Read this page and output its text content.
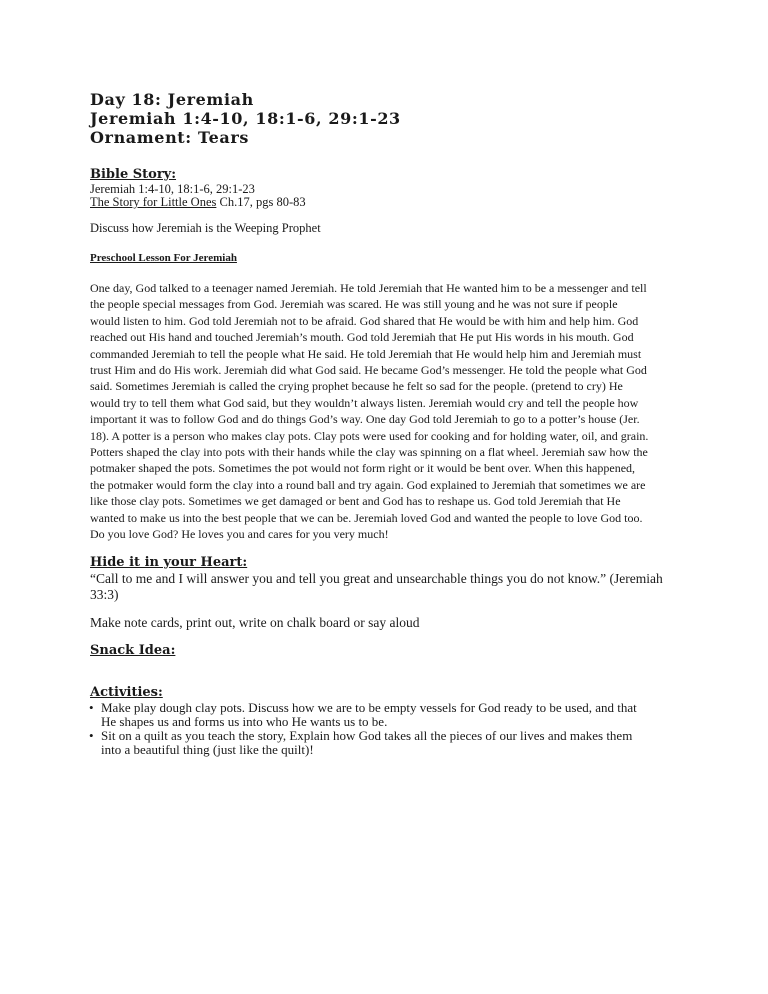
Day 18: Jeremiah

Jeremiah 1:4-10, 18:1-6, 29:1-23

Ornament: Tears

Bible Story:

Jeremiah 1:4-10, 18:1-6, 29:1-23

The Story for Little Ones Ch.17, pgs 80-83

Discuss how Jeremiah is the Weeping Prophet

Preschool Lesson For Jeremiah

One day, God talked to a teenager named Jeremiah. He told Jeremiah that He wanted him to be a messenger and tell

the people special messages from God. Jeremiah was scared. He was still young and he was not sure if people

would listen to him. God told Jeremiah not to be afraid. God shared that He would be with him and help him. God

reached out His hand and touched Jeremiah’s mouth. God told Jeremiah that He put His words in his mouth. God

commanded Jeremiah to tell the people what He said. He told Jeremiah that He would help him and Jeremiah must

trust Him and do His work. Jeremiah did what God said. He became God’s messenger. He told the people what God

said. Sometimes Jeremiah is called the crying prophet because he felt so sad for the people. (pretend to cry) He

would try to tell them what God said, but they wouldn’t always listen. Jeremiah would cry and tell the people how

important it was to follow God and do things God’s way. One day God told Jeremiah to go to a potter’s house (Jer.

18). A potter is a person who makes clay pots. Clay pots were used for cooking and for holding water, oil, and grain.

Potters shaped the clay into pots with their hands while the clay was spinning on a flat wheel. Jeremiah saw how the

potmaker shaped the pots. Sometimes the pot would not form right or it would be bent over. When this happened,

the potmaker would form the clay into a round ball and try again. God explained to Jeremiah that sometimes we are

like those clay pots. Sometimes we get damaged or bent and God has to reshape us. God told Jeremiah that He

wanted to make us into the best people that we can be. Jeremiah loved God and wanted the people to love God too.

Do you love God? He loves you and cares for you very much!

Hide it in your Heart:

“Call to me and I will answer you and tell you great and unsearchable things you do not know.” (Jeremiah

33:3)

Make note cards, print out, write on chalk board or say aloud

Snack Idea:

Activities:

• Make play dough clay pots. Discuss how we are to be empty vessels for God ready to be used, and that
He shapes us and forms us into who He wants us to be.
• Sit on a quilt as you teach the story, Explain how God takes all the pieces of our lives and makes them
into a beautiful thing (just like the quilt)!
